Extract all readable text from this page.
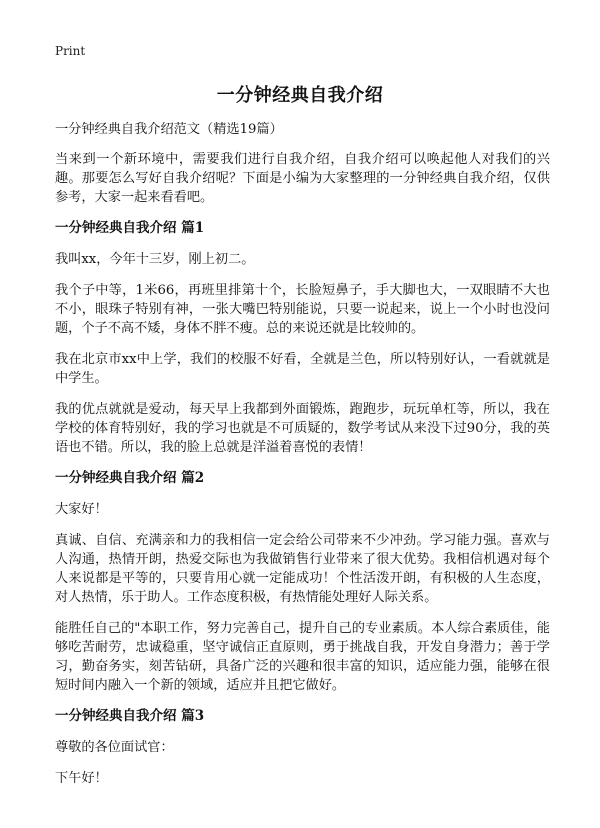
Print
一分钟经典自我介绍

一分钟经典自我介绍范文（精选19篇）

当来到一个新环境中，需要我们进行自我介绍，自我介绍可以唤起他人对我们的兴趣。那要怎么写好自我介绍呢？下面是小编为大家整理的一分钟经典自我介绍，仅供参考，大家一起来看看吧。

一分钟经典自我介绍 篇1

我叫xx，今年十三岁，刚上初二。

我个子中等，1米66，再班里排第十个，长脸短鼻子，手大脚也大，一双眼睛不大也不小，眼珠子特别有神，一张大嘴巴特别能说，只要一说起来，说上一个小时也没问题，个子不高不矮，身体不胖不瘦。总的来说还就是比较帅的。

我在北京市xx中上学，我们的校服不好看，全就是兰色，所以特别好认，一看就就是中学生。

我的优点就就是爱动，每天早上我都到外面锻炼，跑跑步，玩玩单杠等，所以，我在学校的体育特别好，我的学习也就是不可质疑的，数学考试从来没下过90分，我的英语也不错。所以，我的脸上总就是洋溢着喜悦的表情！

一分钟经典自我介绍 篇2

大家好！

真诚、自信、充满亲和力的我相信一定会给公司带来不少冲劲。学习能力强。喜欢与人沟通，热情开朗，热爱交际也为我做销售行业带来了很大优势。我相信机遇对每个人来说都是平等的，只要肯用心就一定能成功！个性活泼开朗，有积极的人生态度，对人热情，乐于助人。工作态度积极，有热情能处理好人际关系。

能胜任自己的"本职工作，努力完善自己，提升自己的专业素质。本人综合素质佳，能够吃苦耐劳，忠诚稳重，坚守诚信正直原则，勇于挑战自我，开发自身潜力；善于学习，勤奋务实，刻苦钻研，具备广泛的兴趣和很丰富的知识，适应能力强，能够在很短时间内融入一个新的领域，适应并且把它做好。

一分钟经典自我介绍 篇3

尊敬的各位面试官：

下午好！
